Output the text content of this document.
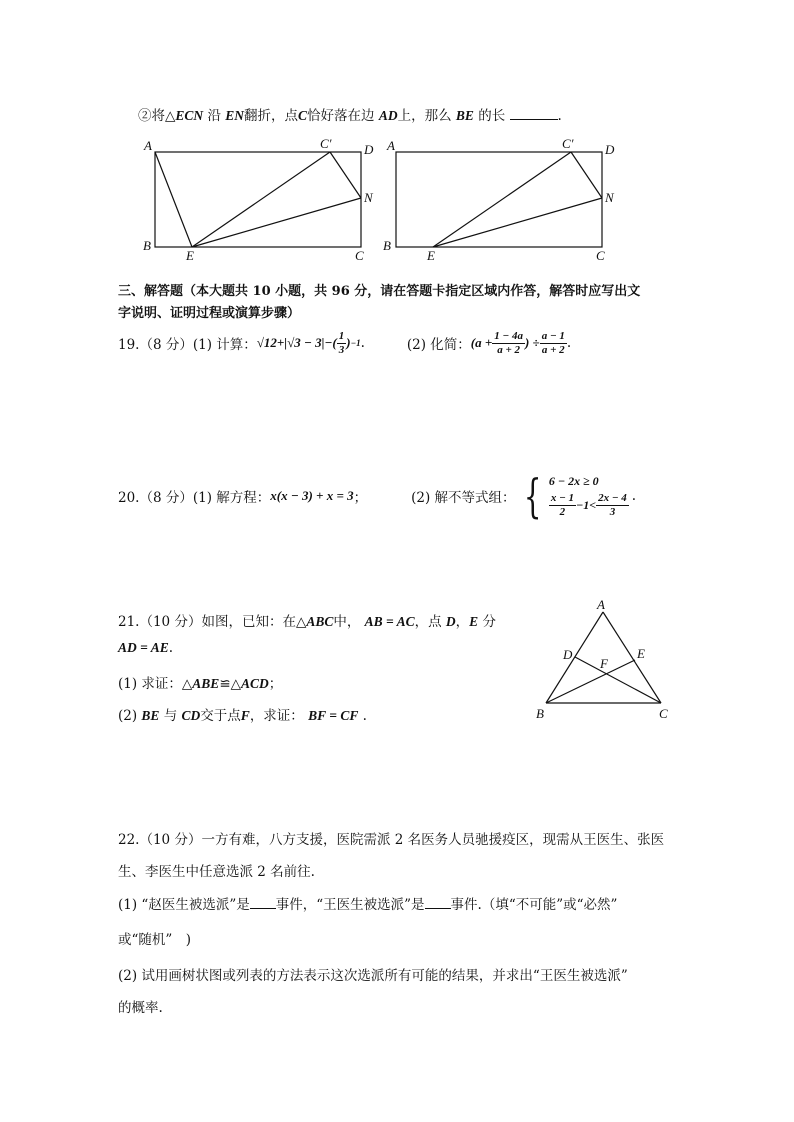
②将△ECN 沿 EN翻折，点C恰好落在边 AD上，那么 BE 的长	.
A
B
E	C
C′ D
N
A
B
E	C
C′ D
N
三、解答题（本大题共 10 小题，共 96 分，请在答题卡指定区域内作答，解答时应写出文
字说明、证明过程或演算步骤）
19.（8 分）(1) 计算： $√12+|√3 - 3|-( \frac{1}{3}$ ) −1 .	(2) 化简： ($a + \frac{1 - 4a}{a + 2}$ ) ÷ $\frac{a - 1}{a + 2}$ .
20.（8 分）(1) 解方程： x(x − 3) + x = 3 ；	(2) 解不等式组： { 6 − 2x ≥ 0
$\frac{x - 1}{2} -1< \frac{2x - 4}{3}$ .
21.（10 分）如图，已知：在△ABC中， AB = AC，点 D，E 分
AD = AE.
(1) 求证：△ABE≌△ACD；
(2) BE 与 CD交于点F，求证： BF = CF .
A
B	C
D	E
F
22.（10 分）一方有难，八方支援，医院需派 2 名医务人员驰援疫区，现需从王医生、张医
生、李医生中任意选派 2 名前往.
(1) “赵医生被选派”是 事件，“王医生被选派”是 事件.（填“不可能”或“必然”
或“随机”　)
(2) 试用画树状图或列表的方法表示这次选派所有可能的结果，并求出“王医生被选派”
的概率.
